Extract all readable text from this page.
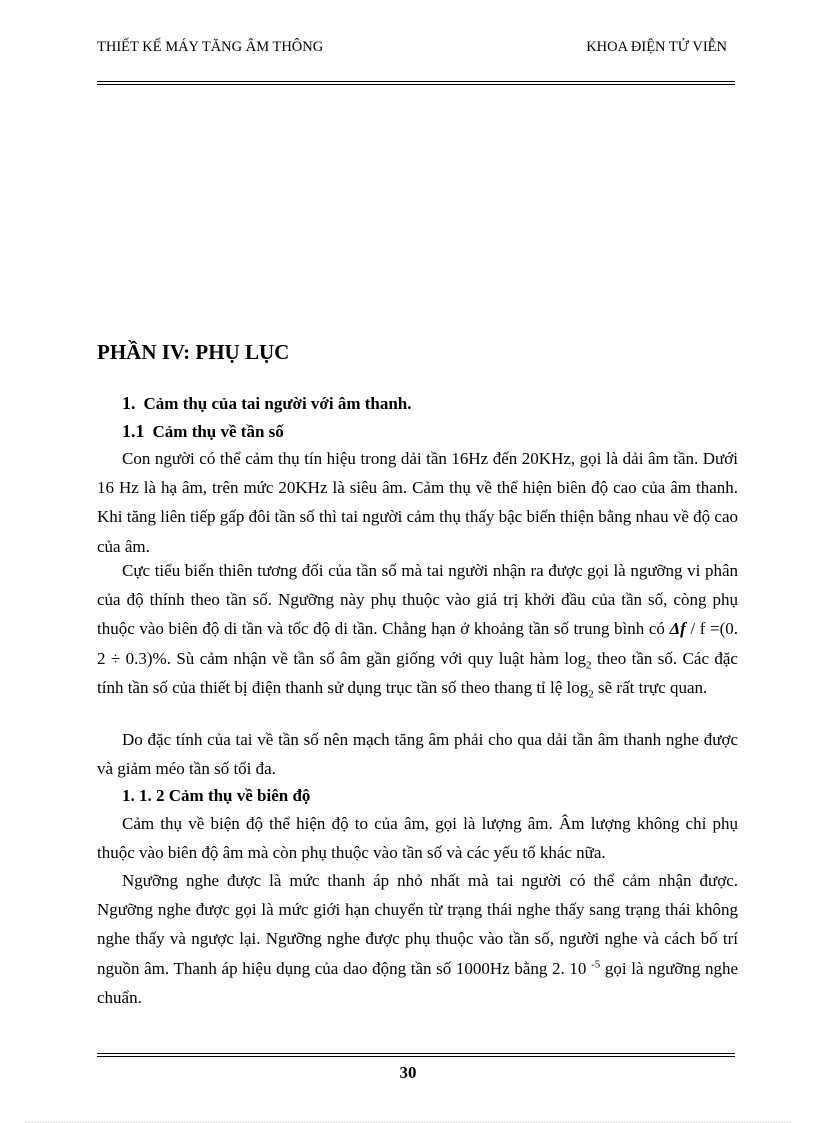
THIẾT KẾ MÁY TĂNG ÂM THÔNG	KHOA ĐIỆN TỬ VIỄN
PHẦN IV: PHỤ LỤC
1. Cảm thụ của tai người với âm thanh.
1.1 Cảm thụ về tần số

Con người có thể cảm thụ tín hiệu trong dải tần 16Hz đến 20KHz, gọi là dải âm tần. Dưới 16 Hz là hạ âm, trên mức 20KHz là siêu âm. Cảm thụ về thể hiện biên độ cao của âm thanh. Khi tăng liên tiếp gấp đôi tần số thì tai người cảm thụ thấy bậc biến thiện bằng nhau về độ cao của âm.

Cực tiểu biến thiên tương đối của tần số mà tai người nhận ra được gọi là ngưỡng vi phân của độ thính theo tần số. Ngưỡng này phụ thuộc vào giá trị khởi đầu của tần số, còng phụ thuộc vào biên độ di tần và tốc độ di tần. Chẳng hạn ở khoảng tần số trung bình có Δf / f =(0. 2 ÷ 0.3)%. Sù cảm nhận về tần số âm gần giống với quy luật hàm $\log_2$ theo tần số. Các đặc tính tần số của thiết bị điện thanh sử dụng trục tần số theo thang tỉ lệ $\log_2$ sẽ rất trực quan.

Do đặc tính của tai về tần số nên mạch tăng âm phải cho qua dải tần âm thanh nghe được và giảm méo tần số tối đa.

1. 1. 2 Cảm thụ về biên độ

Cảm thụ về biện độ thể hiện độ to của âm, gọi là lượng âm. Âm lượng không chỉ phụ thuộc vào biên độ âm mà còn phụ thuộc vào tần số và các yếu tố khác nữa.

Ngưỡng nghe được là mức thanh áp nhỏ nhất mà tai người có thể cảm nhận được. Ngưỡng nghe được gọi là mức giới hạn chuyển từ trạng thái nghe thấy sang trạng thái không nghe thấy và ngược lại. Ngưỡng nghe được phụ thuộc vào tần số, người nghe và cách bố trí nguồn âm. Thanh áp hiệu dụng của dao động tần số 1000Hz bằng 2. 10 $^{-5}$ gọi là ngưỡng nghe chuẩn.

30
